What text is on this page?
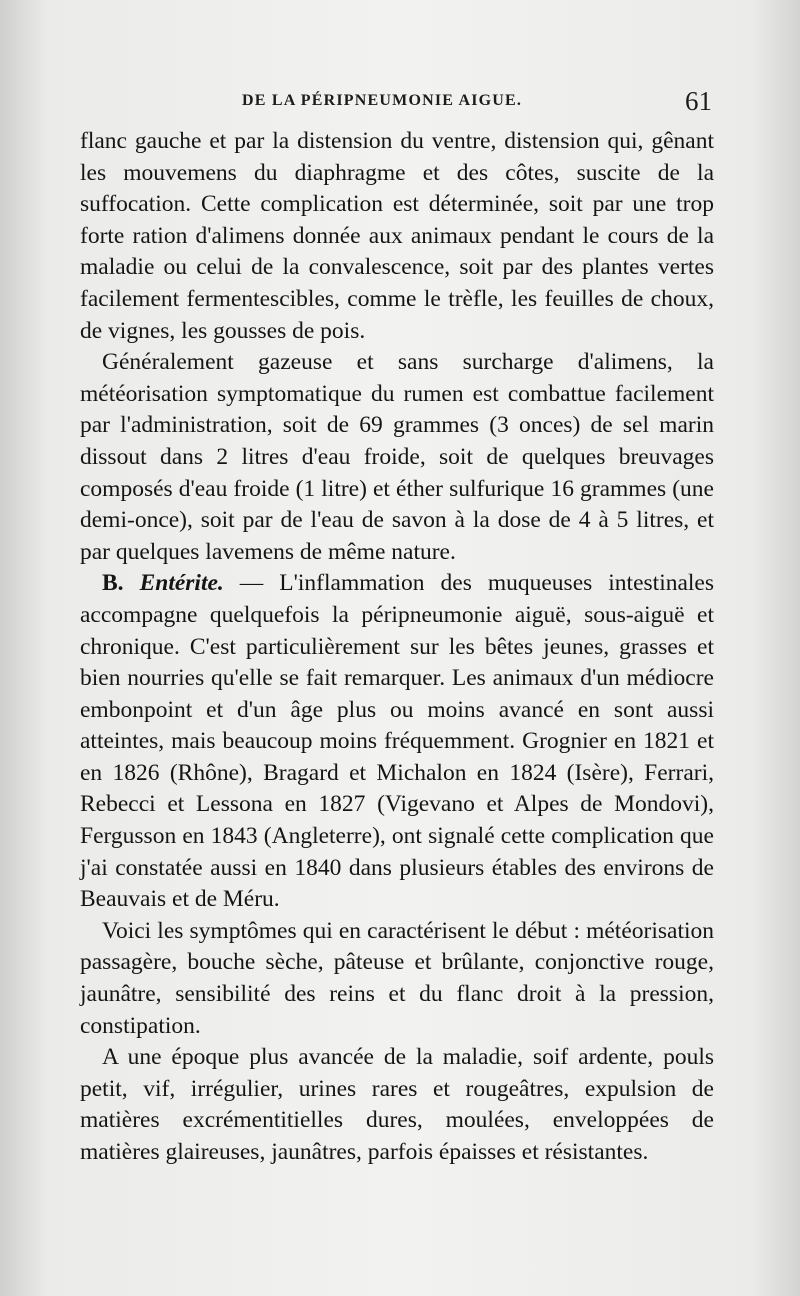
DE LA PÉRIPNEUMONIE AIGUE.	61

flanc gauche et par la distension du ventre, distension qui, gênant les mouvemens du diaphragme et des côtes, suscite de la suffocation. Cette complication est déterminée, soit par une trop forte ration d'alimens donnée aux animaux pendant le cours de la maladie ou celui de la convalescence, soit par des plantes vertes facilement fermentescibles, comme le trèfle, les feuilles de choux, de vignes, les gousses de pois.

Généralement gazeuse et sans surcharge d'alimens, la météorisation symptomatique du rumen est combattue facilement par l'administration, soit de 69 grammes (3 onces) de sel marin dissout dans 2 litres d'eau froide, soit de quelques breuvages composés d'eau froide (1 litre) et éther sulfurique 16 grammes (une demi-once), soit par de l'eau de savon à la dose de 4 à 5 litres, et par quelques lavemens de même nature.

B. Entérite. — L'inflammation des muqueuses intestinales accompagne quelquefois la péripneumonie aiguë, sous-aiguë et chronique. C'est particulièrement sur les bêtes jeunes, grasses et bien nourries qu'elle se fait remarquer. Les animaux d'un médiocre embonpoint et d'un âge plus ou moins avancé en sont aussi atteintes, mais beaucoup moins fréquemment. Grognier en 1821 et en 1826 (Rhône), Bragard et Michalon en 1824 (Isère), Ferrari, Rebecci et Lessona en 1827 (Vigevano et Alpes de Mondovi), Fergusson en 1843 (Angleterre), ont signalé cette complication que j'ai constatée aussi en 1840 dans plusieurs étables des environs de Beauvais et de Méru.

Voici les symptômes qui en caractérisent le début : météorisation passagère, bouche sèche, pâteuse et brûlante, conjonctive rouge, jaunâtre, sensibilité des reins et du flanc droit à la pression, constipation.

A une époque plus avancée de la maladie, soif ardente, pouls petit, vif, irrégulier, urines rares et rougeâtres, expulsion de matières excrémentitielles dures, moulées, enveloppées de matières glaireuses, jaunâtres, parfois épaisses et résistantes.
